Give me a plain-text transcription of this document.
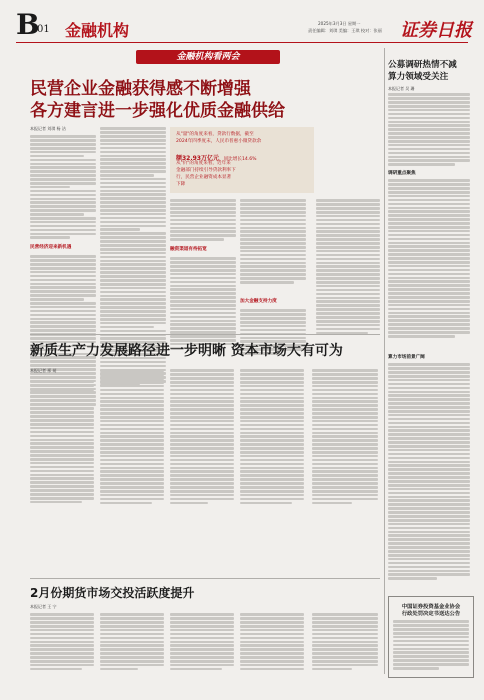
B
01 金融机构	2025年3月3日 星期一
责任编辑：刘琪 美编：王琪 校对：张丽 证券日报
金融机构看两会
民营企业金融获得感不断增强
各方建言进一步强化优质金融供给
本报记者 刘琪 杨 洁
从"量"的角度来看，贷款行数据，截至
2024年四季度末，人民币普惠小微贷款余
额32.93万亿元，同比增长14.6%
从"价"的角度来看，近年来
金融部门持续引导贷款利率下
行，民营企业融资成本显著
下降
民营经济迎来新机遇	融资渠道有待拓宽
加大金融支持力度
公募调研热情不减
算力领域受关注
本报记者 吴 珊
调研重点聚焦
算力市场前景广阔
中国证券投资基金业协会
行政处罚决定书送达公告
新质生产力发展路径进一步明晰 资本市场大有可为
本报记者 邢 萌
2月份期货市场交投活跃度提升
本报记者 王 宁
